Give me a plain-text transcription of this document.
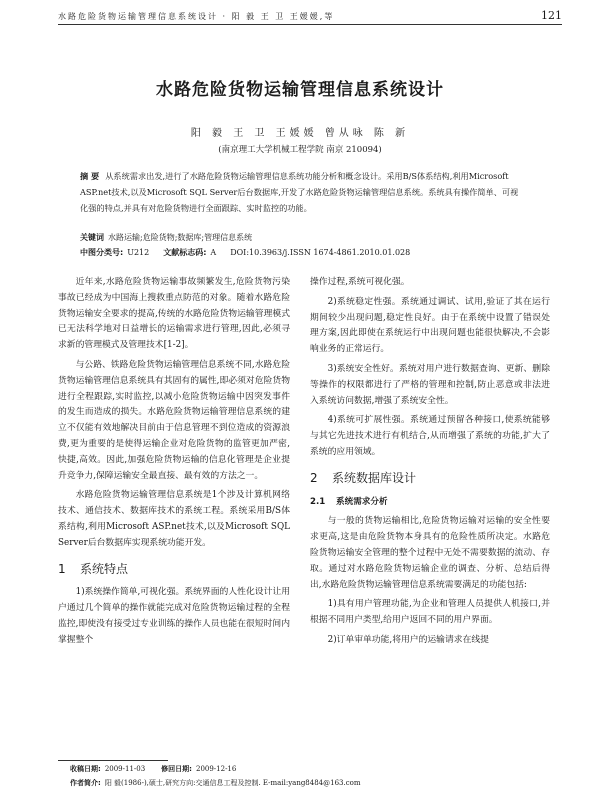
水路危险货物运输管理信息系统设计 · 阳 毅 王 卫 王媛媛,等	121
水路危险货物运输管理信息系统设计
阳 毅 王 卫 王媛媛 曾从咏 陈 新
(南京理工大学机械工程学院 南京 210094)
摘 要 从系统需求出发,进行了水路危险货物运输管理信息系统功能分析和概念设计。采用B/S体系结构,利用Microsoft ASP.net技术,以及Microsoft SQL Server后台数据库,开发了水路危险货物运输管理信息系统。系统具有操作简单、可视化强的特点,并具有对危险货物进行全面跟踪、实时监控的功能。
关键词 水路运输;危险货物;数据库;管理信息系统
中图分类号: U212 文献标志码: A DOI:10.3963/j.ISSN 1674-4861.2010.01.028

近年来,水路危险货物运输事故频繁发生,危险货物污染事故已经成为中国海上搜救重点防范的对象。随着水路危险货物运输安全要求的提高,传统的水路危险货物运输管理模式已无法科学地对日益增长的运输需求进行管理,因此,必须寻求新的管理模式及管理技术[1-2]。

与公路、铁路危险货物运输管理信息系统不同,水路危险货物运输管理信息系统具有其固有的属性,即必须对危险货物进行全程跟踪,实时监控,以减小危险货物运输中因突发事件的发生而造成的损失。水路危险货物运输管理信息系统的建立不仅能有效地解决目前由于信息管理不到位造成的资源浪费,更为重要的是使得运输企业对危险货物的监管更加严密,快捷,高效。因此,加强危险货物运输的信息化管理是企业提升竞争力,保障运输安全最直接、最有效的方法之一。

水路危险货物运输管理信息系统是1个涉及计算机网络技术、通信技术、数据库技术的系统工程。系统采用B/S体系结构,利用Microsoft ASP.net技术,以及Microsoft SQL Server后台数据库实现系统功能开发。

1 系统特点

1)系统操作简单,可视化强。系统界面的人性化设计让用户通过几个简单的操作就能完成对危险货物运输过程的全程监控,即使没有接受过专业训练的操作人员也能在很短时间内掌握整个

操作过程,系统可视化强。

2)系统稳定性强。系统通过调试、试用,验证了其在运行期间较少出现问题,稳定性良好。由于在系统中设置了错误处理方案,因此即使在系统运行中出现问题也能很快解决,不会影响业务的正常运行。

3)系统安全性好。系统对用户进行数据查询、更新、删除等操作的权限都进行了严格的管理和控制,防止恶意或非法进入系统访问数据,增强了系统安全性。

4)系统可扩展性强。系统通过预留各种接口,使系统能够与其它先进技术进行有机结合,从而增强了系统的功能,扩大了系统的应用领域。

2 系统数据库设计
2.1 系统需求分析

与一般的货物运输相比,危险货物运输对运输的安全性要求更高,这是由危险货物本身具有的危险性质所决定。水路危险货物运输安全管理的整个过程中无处不需要数据的流动、存取。通过对水路危险货物运输企业的调查、分析、总结后得出,水路危险货物运输管理信息系统需要满足的功能包括:

1)具有用户管理功能,为企业和管理人员提供人机接口,并根据不同用户类型,给用户返回不同的用户界面。

2)订单审单功能,将用户的运输请求在线提

收稿日期: 2009-11-03 修回日期: 2009-12-16
作者简介: 阳 毅(1986-),硕士,研究方向:交通信息工程及控制. E-mail:yang8484@163.com
